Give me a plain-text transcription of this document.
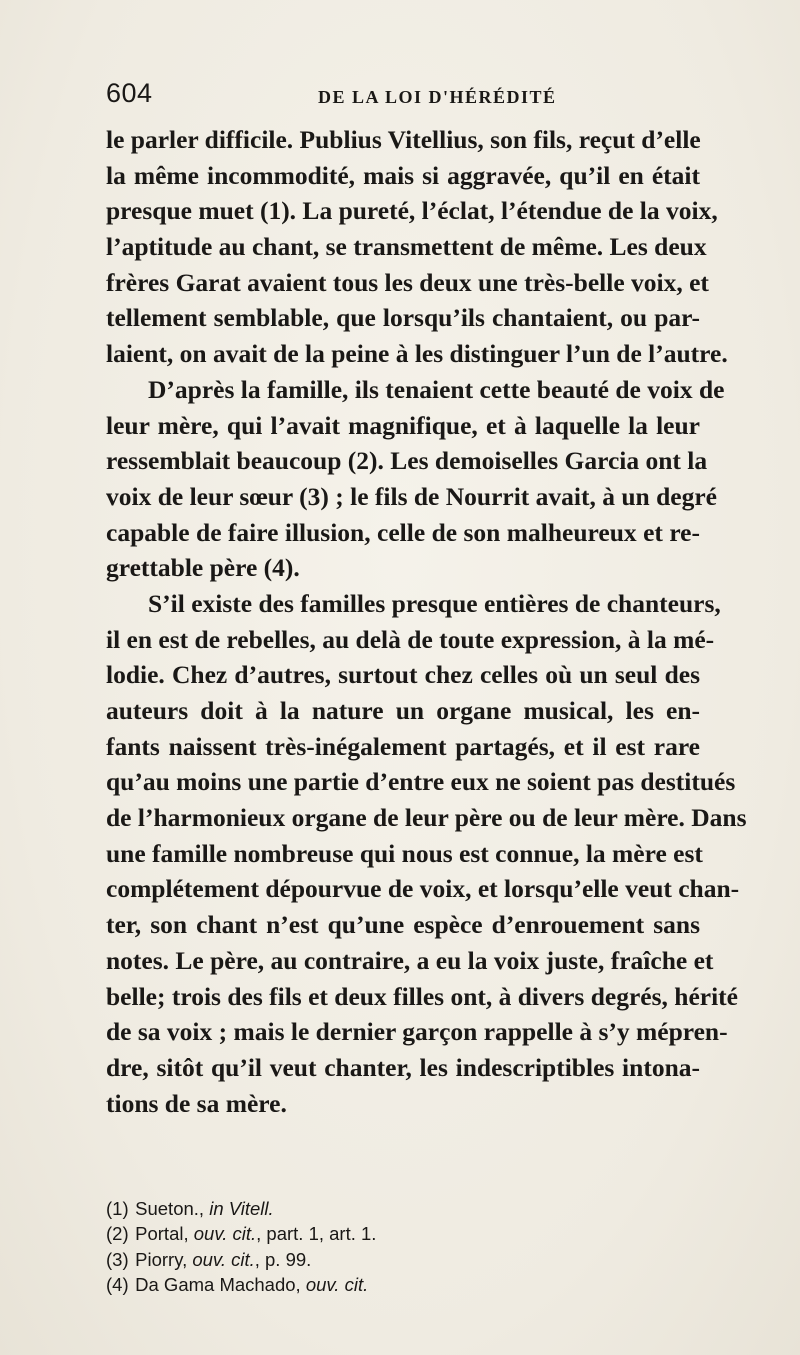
604	DE LA LOI D'HÉRÉDITÉ
le parler difficile. Publius Vitellius, son fils, reçut d’elle
la même incommodité, mais si aggravée, qu’il en était
presque muet (1). La pureté, l’éclat, l’étendue de la voix,
l’aptitude au chant, se transmettent de même. Les deux
frères Garat avaient tous les deux une très-belle voix, et
tellement semblable, que lorsqu’ils chantaient, ou par-
laient, on avait de la peine à les distinguer l’un de l’autre.
D’après la famille, ils tenaient cette beauté de voix de
leur mère, qui l’avait magnifique, et à laquelle la leur
ressemblait beaucoup (2). Les demoiselles Garcia ont la
voix de leur sœur (3) ; le fils de Nourrit avait, à un degré
capable de faire illusion, celle de son malheureux et re-
grettable père (4).
S’il existe des familles presque entières de chanteurs,
il en est de rebelles, au delà de toute expression, à la mé-
lodie. Chez d’autres, surtout chez celles où un seul des
auteurs doit à la nature un organe musical, les en-
fants naissent très-inégalement partagés, et il est rare
qu’au moins une partie d’entre eux ne soient pas destitués
de l’harmonieux organe de leur père ou de leur mère. Dans
une famille nombreuse qui nous est connue, la mère est
complétement dépourvue de voix, et lorsqu’elle veut chan-
ter, son chant n’est qu’une espèce d’enrouement sans
notes. Le père, au contraire, a eu la voix juste, fraîche et
belle; trois des fils et deux filles ont, à divers degrés, hérité
de sa voix ; mais le dernier garçon rappelle à s’y mépren-
dre, sitôt qu’il veut chanter, les indescriptibles intona-
tions de sa mère.
(1) Sueton., in Vitell.
(2) Portal, ouv. cit., part. 1, art. 1.
(3) Piorry, ouv. cit., p. 99.
(4) Da Gama Machado, ouv. cit.
